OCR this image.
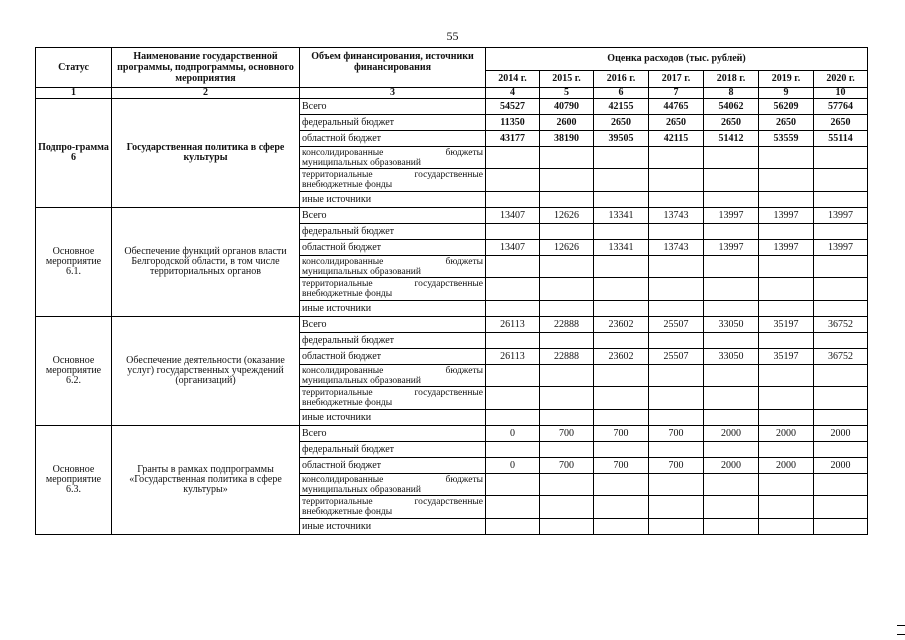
55
Статус	Наименование государственной программы, подпрограммы, основного мероприятия	Объем финансирования, источники финансирования	Оценка расходов (тыс. рублей)						
			2014 г.	2015 г.	2016 г.	2017 г.	2018 г.	2019 г.	2020 г.
1	2	3	4	5	6	7	8	9	10
Подпро-грамма 6	Государственная политика в сфере культуры	Всего	54527	40790	42155	44765	54062	56209	57764
		федеральный бюджет	11350	2600	2650	2650	2650	2650	2650
		областной бюджет	43177	38190	39505	42115	51412	53559	55114
		консолидированные бюджеты муниципальных образований							
		территориальные государственные внебюджетные фонды							
		иные источники							
Основное мероприятие 6.1.	Обеспечение функций органов власти Белгородской области, в том числе территориальных органов	Всего	13407	12626	13341	13743	13997	13997	13997
		федеральный бюджет							
		областной бюджет	13407	12626	13341	13743	13997	13997	13997
		консолидированные бюджеты муниципальных образований							
		территориальные государственные внебюджетные фонды							
		иные источники							
Основное мероприятие 6.2.	Обеспечение деятельности (оказание услуг) государственных учреждений (организаций)	Всего	26113	22888	23602	25507	33050	35197	36752
		федеральный бюджет							
		областной бюджет	26113	22888	23602	25507	33050	35197	36752
		консолидированные бюджеты муниципальных образований							
		территориальные государственные внебюджетные фонды							
		иные источники							
Основное мероприятие 6.3.	Гранты в рамках подпрограммы «Государственная политика в сфере культуры»	Всего	0	700	700	700	2000	2000	2000
		федеральный бюджет							
		областной бюджет	0	700	700	700	2000	2000	2000
		консолидированные бюджеты муниципальных образований							
		территориальные государственные внебюджетные фонды							
		иные источники							
